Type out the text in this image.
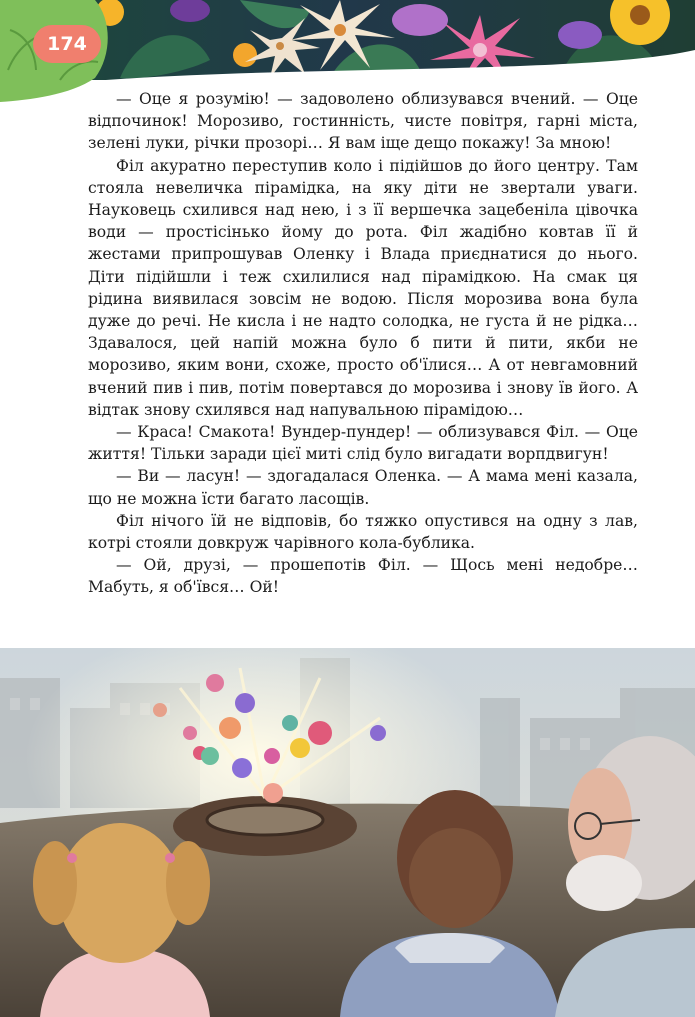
174

— Оце я розумію! — задоволено облизувався вчений. — Оце відпочинок! Морозиво, гостинність, чисте повітря, гарні міста, зелені луки, річки прозорі… Я вам іще дещо покажу! За мною!

Філ акуратно переступив коло і підійшов до його центру. Там стояла невеличка пірамідка, на яку діти не звертали уваги. Науковець схилився над нею, і з її вершечка зацебеніла цівочка води — простісінько йому до рота. Філ жадібно ковтав її й жестами припрошував Оленку і Влада приєднатися до нього. Діти підійшли і теж схилилися над пірамідкою. На смак ця рідина виявилася зовсім не водою. Після морозива вона була дуже до речі. Не кисла і не надто солодка, не густа й не рідка… Здавалося, цей напій можна було б пити й пити, якби не морозиво, яким вони, схоже, просто об'їлися… А от невгамовний вчений пив і пив, потім повертався до морозива і знову їв його. А відтак знову схилявся над напувальною пірамідою…

— Краса! Смакота! Вундер-пундер! — облизувався Філ. — Оце життя! Тільки заради цієї миті слід було вигадати ворпдвигун!

— Ви — ласун! — здогадалася Оленка. — А мама мені казала, що не можна їсти багато ласощів.

Філ нічого їй не відповів, бо тяжко опустився на одну з лав, котрі стояли довкруж чарівного кола-бублика.

— Ой, друзі, — прошепотів Філ. — Щось мені недобре… Мабуть, я об'ївся… Ой!
